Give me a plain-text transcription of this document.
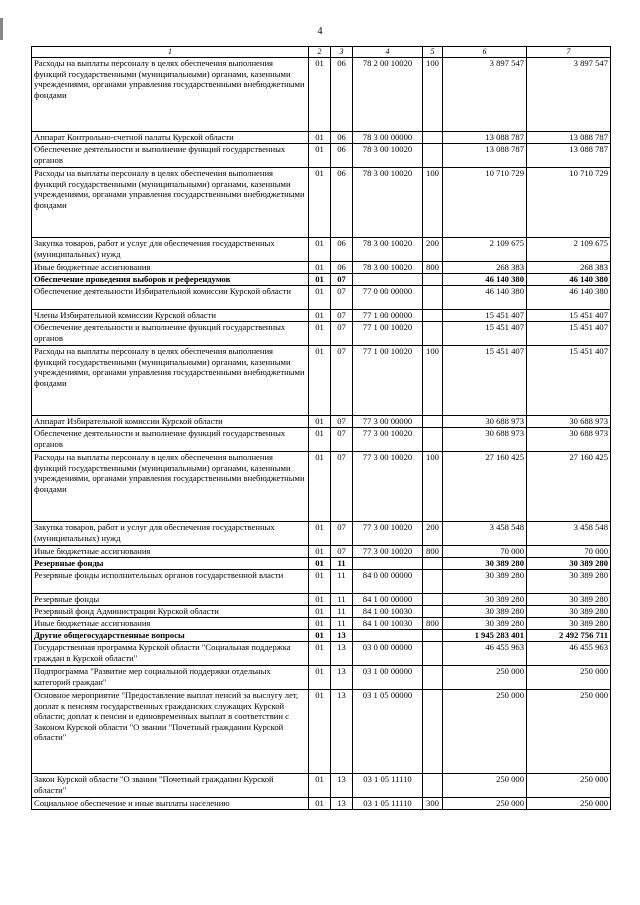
4
1	2	3	4	5	6	7
Расходы на выплаты персоналу в целях обеспечения выполнения функций государственными (муниципальными) органами, казенными учреждениями, органами управления государственными внебюджетными фондами	01	06	78 2 00 10020	100	3 897 547	3 897 547
Аппарат Контрольно-счетной палаты Курской области	01	06	78 3 00 00000		13 088 787	13 088 787
Обеспечение деятельности и выполнение функций государственных органов	01	06	78 3 00 10020		13 088 787	13 088 787
Расходы на выплаты персоналу в целях обеспечения выполнения функций государственными (муниципальными) органами, казенными учреждениями, органами управления государственными внебюджетными фондами	01	06	78 3 00 10020	100	10 710 729	10 710 729
Закупка товаров, работ и услуг для обеспечения государственных (муниципальных) нужд	01	06	78 3 00 10020	200	2 109 675	2 109 675
Иные бюджетные ассигнования	01	06	78 3 00 10020	800	268 383	268 383
Обеспечение проведения выборов и референдумов	01	07			46 140 380	46 140 380
Обеспечение деятельности Избирательной комиссии Курской области	01	07	77 0 00 00000		46 140 380	46 140 380
Члены Избирательной комиссии Курской области	01	07	77 1 00 00000		15 451 407	15 451 407
Обеспечение деятельности и выполнение функций государственных органов	01	07	77 1 00 10020		15 451 407	15 451 407
Расходы на выплаты персоналу в целях обеспечения выполнения функций государственными (муниципальными) органами, казенными учреждениями, органами управления государственными внебюджетными фондами	01	07	77 1 00 10020	100	15 451 407	15 451 407
Аппарат Избирательной комиссии Курской области	01	07	77 3 00 00000		30 688 973	30 688 973
Обеспечение деятельности и выполнение функций государственных органов	01	07	77 3 00 10020		30 688 973	30 688 973
Расходы на выплаты персоналу в целях обеспечения выполнения функций государственными (муниципальными) органами, казенными учреждениями, органами управления государственными внебюджетными фондами	01	07	77 3 00 10020	100	27 160 425	27 160 425
Закупка товаров, работ и услуг для обеспечения государственных (муниципальных) нужд	01	07	77 3 00 10020	200	3 458 548	3 458 548
Иные бюджетные ассигнования	01	07	77 3 00 10020	800	70 000	70 000
Резервные фонды	01	11			30 389 280	30 389 280
Резервные фонды исполнительных органов государственной власти	01	11	84 0 00 00000		30 389 280	30 389 280
Резервные фонды	01	11	84 1 00 00000		30 389 280	30 389 280
Резервный фонд Администрации Курской области	01	11	84 1 00 10030		30 389 280	30 389 280
Иные бюджетные ассигнования	01	11	84 1 00 10030	800	30 389 280	30 389 280
Другие общегосударственные вопросы	01	13			1 945 283 401	2 492 756 711
Государственная программа Курской области "Социальная поддержка граждан в Курской области"	01	13	03 0 00 00000		46 455 963	46 455 963
Подпрограмма "Развитие мер социальной поддержки отдельных категорий граждан"	01	13	03 1 00 00000		250 000	250 000
Основное мероприятие "Предоставление выплат пенсий за выслугу лет, доплат к пенсиям государственных гражданских служащих Курской области; доплат к пенсии и единовременных выплат в соответствии с Законом Курской области "О звании "Почетный гражданин Курской области"	01	13	03 1 05 00000		250 000	250 000
Закон Курской области "О звании "Почетный гражданин Курской области"	01	13	03 1 05 11110		250 000	250 000
Социальное обеспечение и иные выплаты населению	01	13	03 1 05 11110	300	250 000	250 000
